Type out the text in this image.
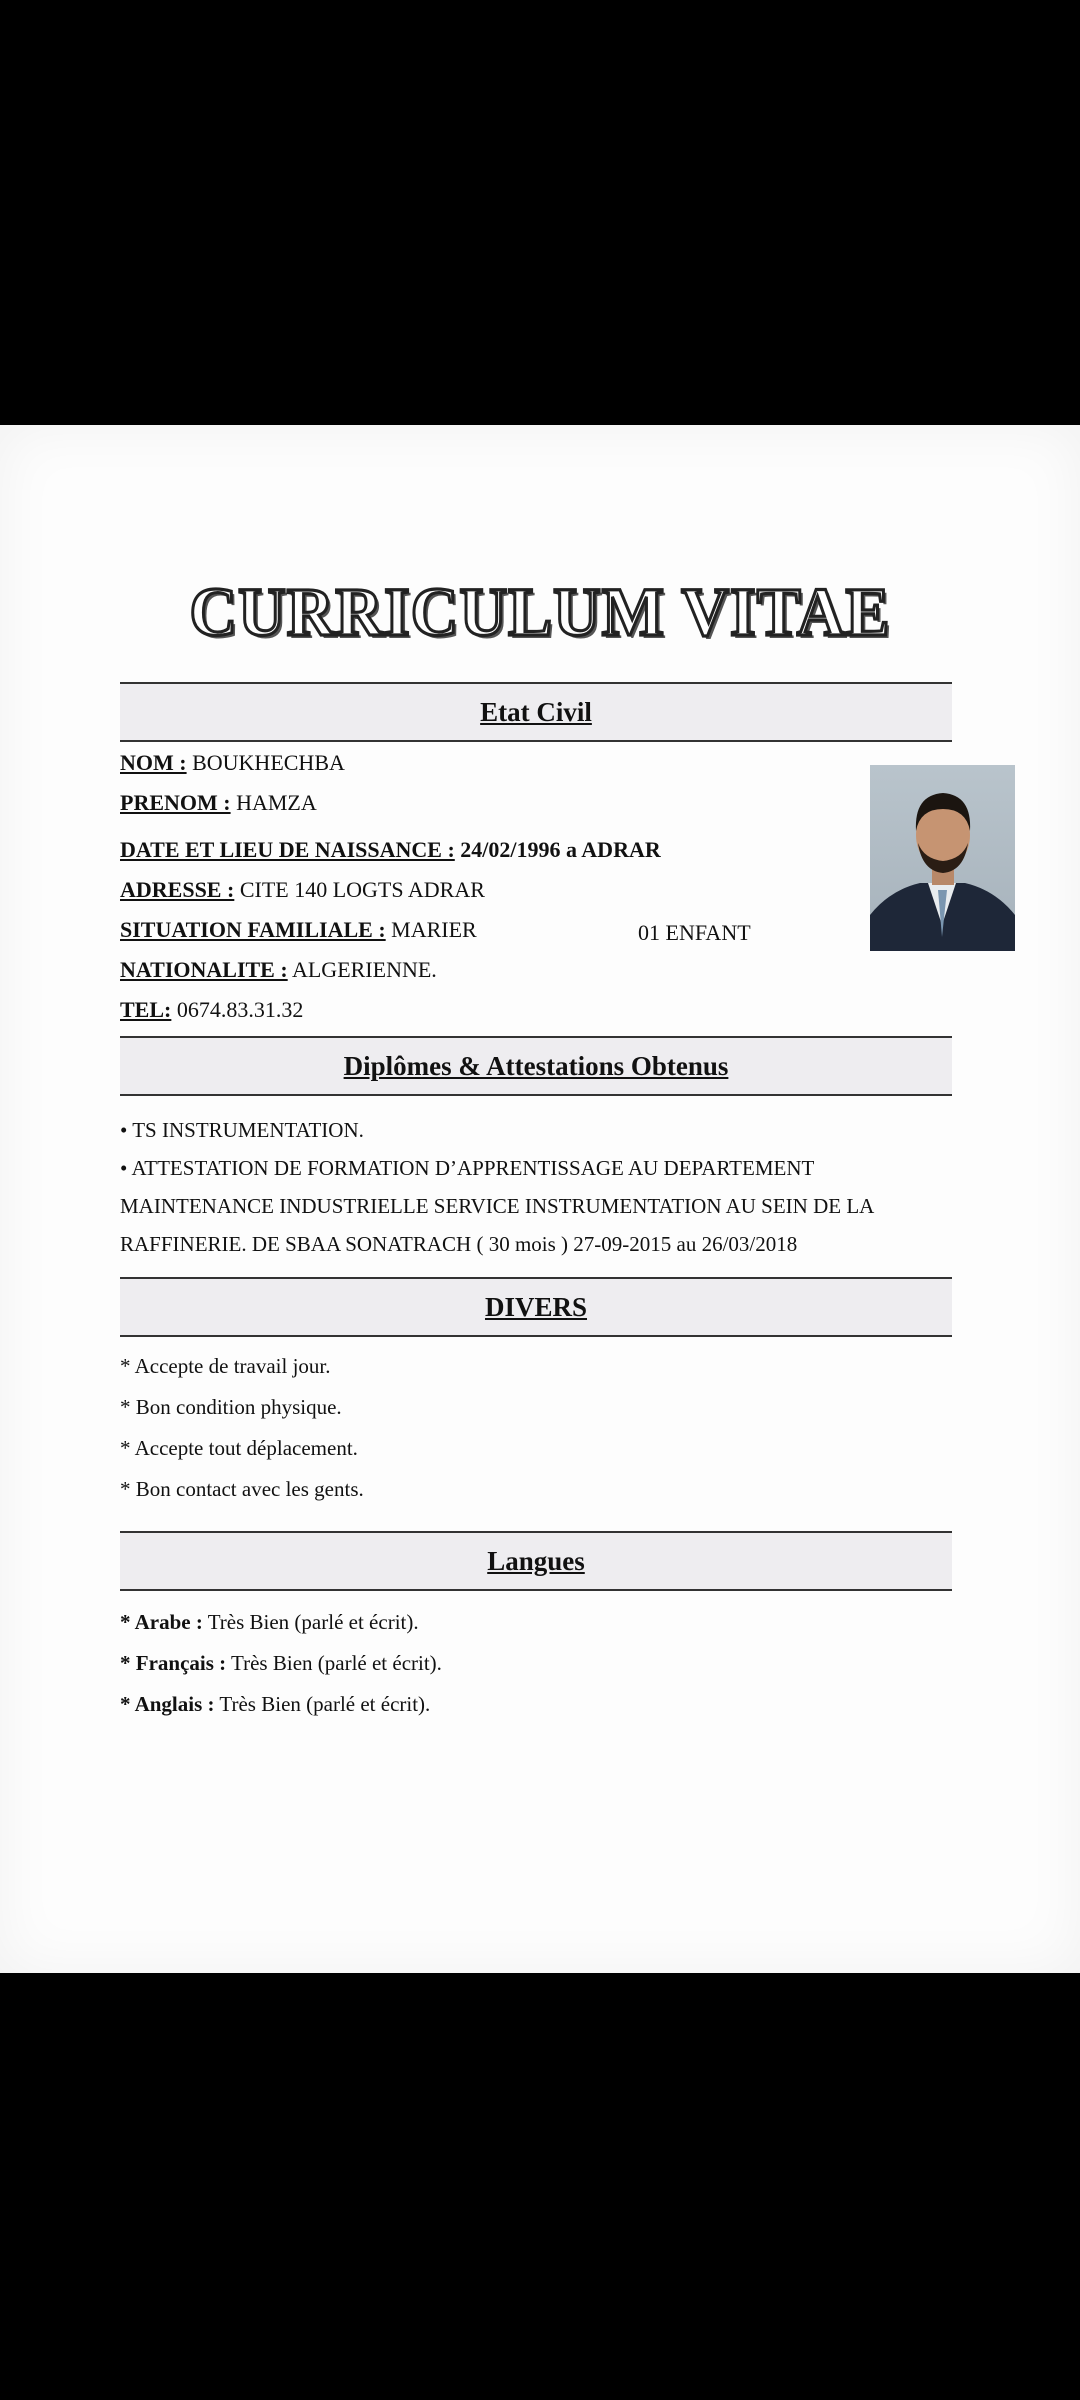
CURRICULUM VITAE
Etat Civil
NOM : BOUKHECHBA
PRENOM : HAMZA
DATE ET LIEU DE NAISSANCE : 24/02/1996 a ADRAR
ADRESSE : CITE 140 LOGTS ADRAR
SITUATION FAMILIALE : MARIER	01 ENFANT
NATIONALITE : ALGERIENNE.
TEL: 0674.83.31.32
Diplômes & Attestations Obtenus
• TS INSTRUMENTATION.
• ATTESTATION DE FORMATION D’APPRENTISSAGE AU DEPARTEMENT
MAINTENANCE INDUSTRIELLE SERVICE INSTRUMENTATION AU SEIN DE LA
RAFFINERIE. DE SBAA SONATRACH ( 30 mois ) 27-09-2015 au 26/03/2018
DIVERS
* Accepte de travail jour.
* Bon condition physique.
* Accepte tout déplacement.
* Bon contact avec les gents.
Langues
* Arabe : Très Bien (parlé et écrit).
* Français : Très Bien (parlé et écrit).
* Anglais : Très Bien (parlé et écrit).
